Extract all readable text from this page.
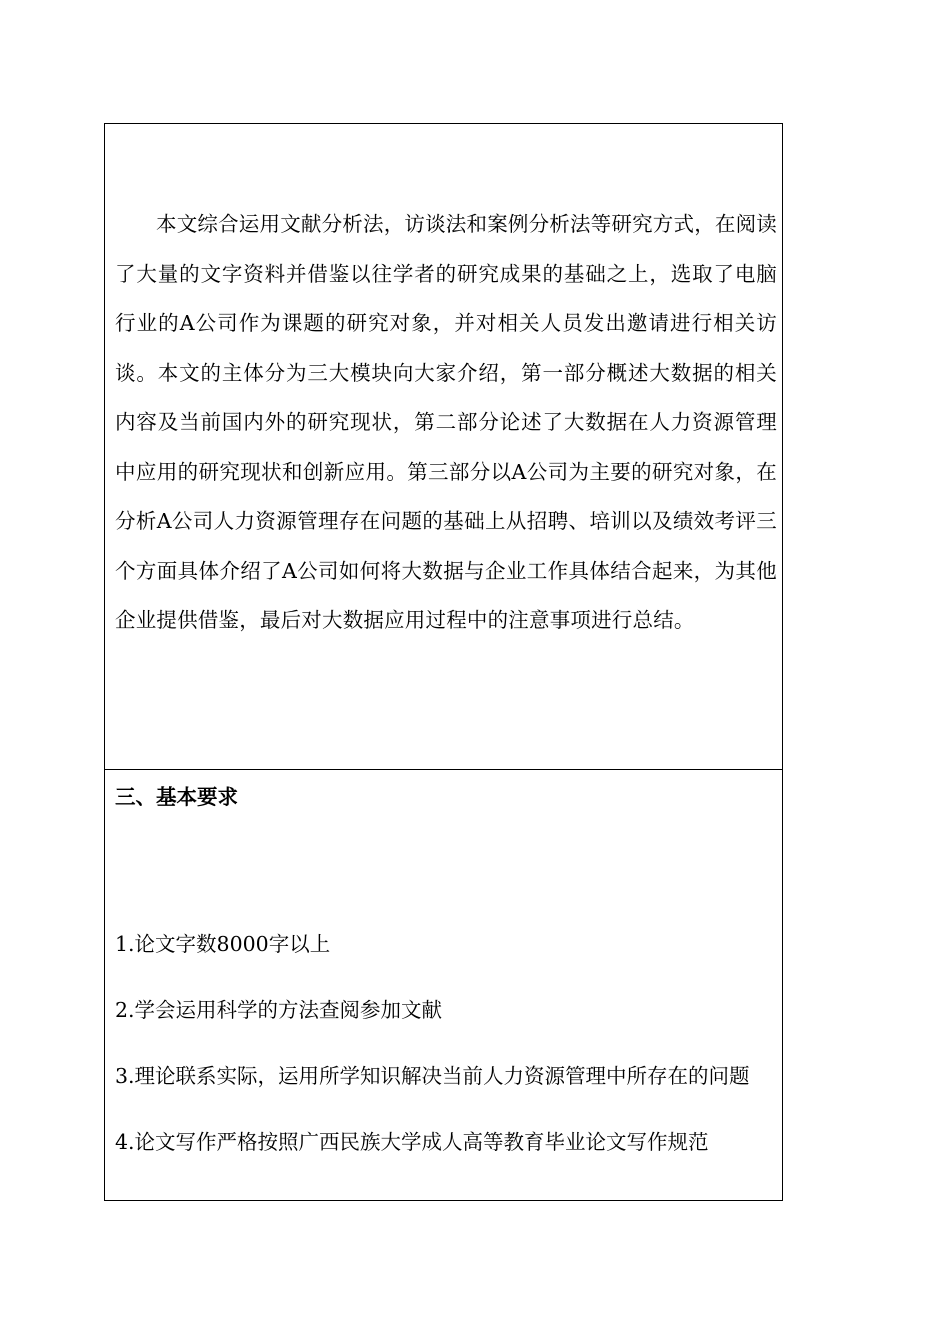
本文综合运用文献分析法，访谈法和案例分析法等研究方式，在阅读了大量的文字资料并借鉴以往学者的研究成果的基础之上，选取了电脑行业的A公司作为课题的研究对象，并对相关人员发出邀请进行相关访谈。本文的主体分为三大模块向大家介绍，第一部分概述大数据的相关内容及当前国内外的研究现状，第二部分论述了大数据在人力资源管理中应用的研究现状和创新应用。第三部分以A公司为主要的研究对象，在分析A公司人力资源管理存在问题的基础上从招聘、培训以及绩效考评三个方面具体介绍了A公司如何将大数据与企业工作具体结合起来，为其他企业提供借鉴，最后对大数据应用过程中的注意事项进行总结。

三、基本要求
1.论文字数8000字以上
2.学会运用科学的方法查阅参加文献
3.理论联系实际，运用所学知识解决当前人力资源管理中所存在的问题
4.论文写作严格按照广西民族大学成人高等教育毕业论文写作规范
